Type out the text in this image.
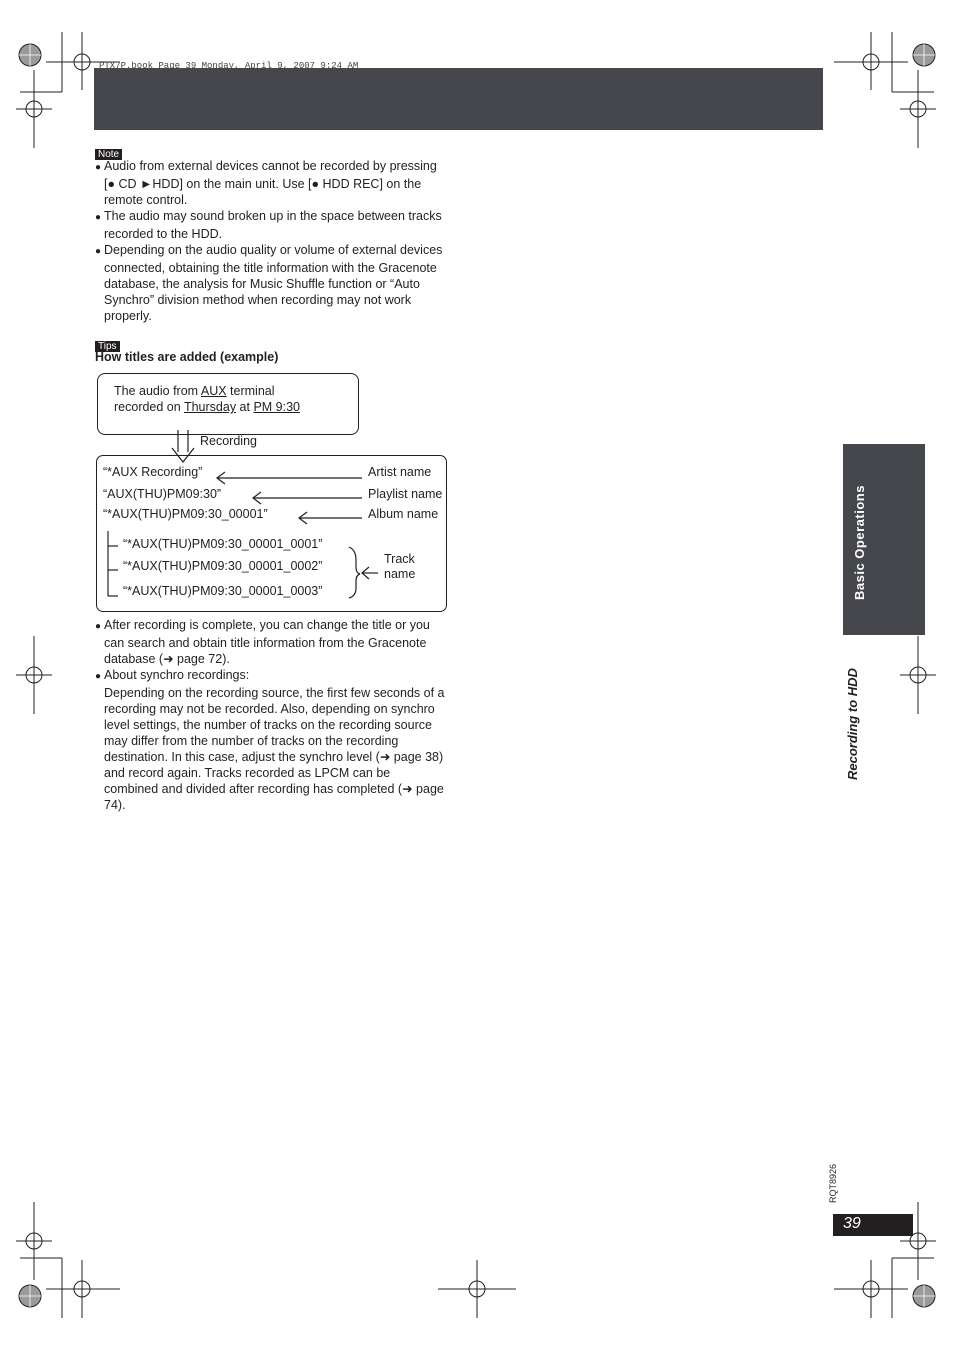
PTX7P.book Page 39 Monday, April 9, 2007 9:24 AM
Note

● Audio from external devices cannot be recorded by pressing [● CD ►HDD] on the main unit. Use [● HDD REC] on the remote control.

● The audio may sound broken up in the space between tracks recorded to the HDD.

● Depending on the audio quality or volume of external devices connected, obtaining the title information with the Gracenote database, the analysis for Music Shuffle function or “Auto Synchro” division method when recording may not work properly.

Tips
How titles are added (example)
The audio from AUX terminal
recorded on Thursday at PM 9:30
Recording
“*AUX Recording”	Artist name
“AUX(THU)PM09:30”	Playlist name
“*AUX(THU)PM09:30_00001”	Album name
“*AUX(THU)PM09:30_00001_0001”
“*AUX(THU)PM09:30_00001_0002”
“*AUX(THU)PM09:30_00001_0003”
Track
name

● After recording is complete, you can change the title or you can search and obtain title information from the Gracenote database (➜ page 72).

● About synchro recordings:

Depending on the recording source, the first few seconds of a recording may not be recorded. Also, depending on synchro level settings, the number of tracks on the recording source may differ from the number of tracks on the recording destination. In this case, adjust the synchro level (➜ page 38) and record again. Tracks recorded as LPCM can be combined and divided after recording has completed (➜ page 74).

Basic Operations
Recording to HDD
RQT8926
39
